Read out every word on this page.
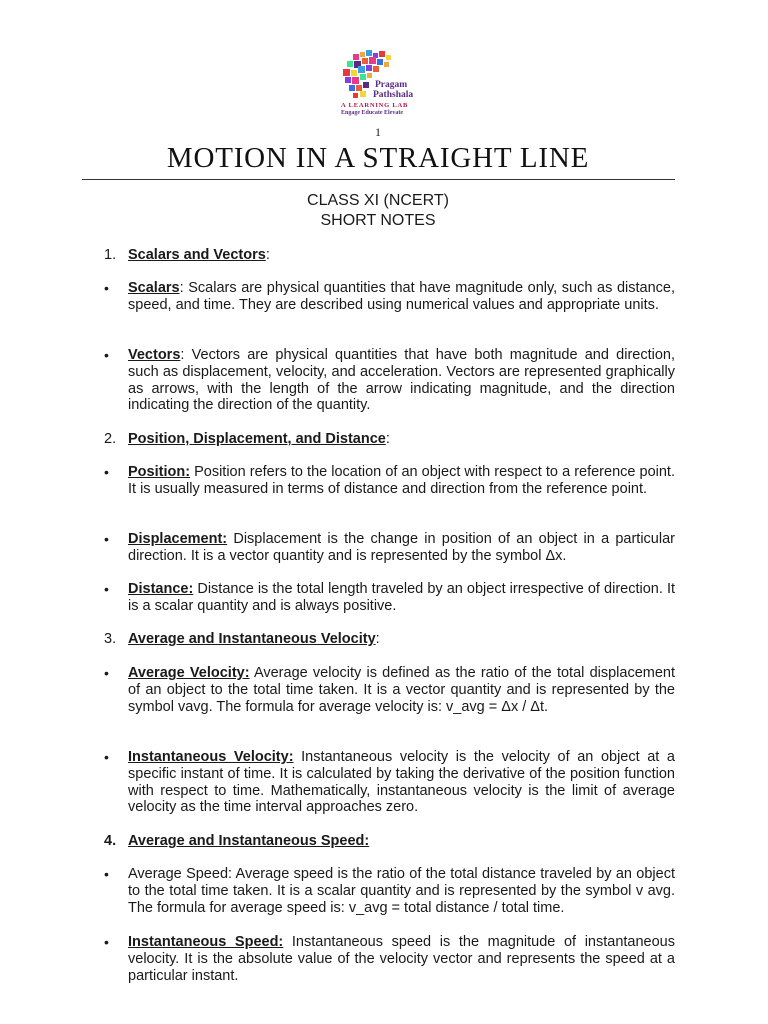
Pragam
Pathshala
A LEARNING LAB
Engage Educate Elevate
1
MOTION IN A STRAIGHT LINE
CLASS XI (NCERT)
SHORT NOTES
1. Scalars and Vectors:
• Scalars: Scalars are physical quantities that have magnitude only, such as distance, speed, and time. They are described using numerical values and appropriate units.
• Vectors: Vectors are physical quantities that have both magnitude and direction, such as displacement, velocity, and acceleration. Vectors are represented graphically as arrows, with the length of the arrow indicating magnitude, and the direction indicating the direction of the quantity.
2. Position, Displacement, and Distance:
• Position: Position refers to the location of an object with respect to a reference point. It is usually measured in terms of distance and direction from the reference point.
• Displacement: Displacement is the change in position of an object in a particular direction. It is a vector quantity and is represented by the symbol Δx.
• Distance: Distance is the total length traveled by an object irrespective of direction. It is a scalar quantity and is always positive.
3. Average and Instantaneous Velocity:
• Average Velocity: Average velocity is defined as the ratio of the total displacement of an object to the total time taken. It is a vector quantity and is represented by the symbol vavg. The formula for average velocity is: v_avg = Δx / Δt.
• Instantaneous Velocity: Instantaneous velocity is the velocity of an object at a specific instant of time. It is calculated by taking the derivative of the position function with respect to time. Mathematically, instantaneous velocity is the limit of average velocity as the time interval approaches zero.
4. Average and Instantaneous Speed:
• Average Speed: Average speed is the ratio of the total distance traveled by an object to the total time taken. It is a scalar quantity and is represented by the symbol v avg. The formula for average speed is: v_avg = total distance / total time.
• Instantaneous Speed: Instantaneous speed is the magnitude of instantaneous velocity. It is the absolute value of the velocity vector and represents the speed at a particular instant.
